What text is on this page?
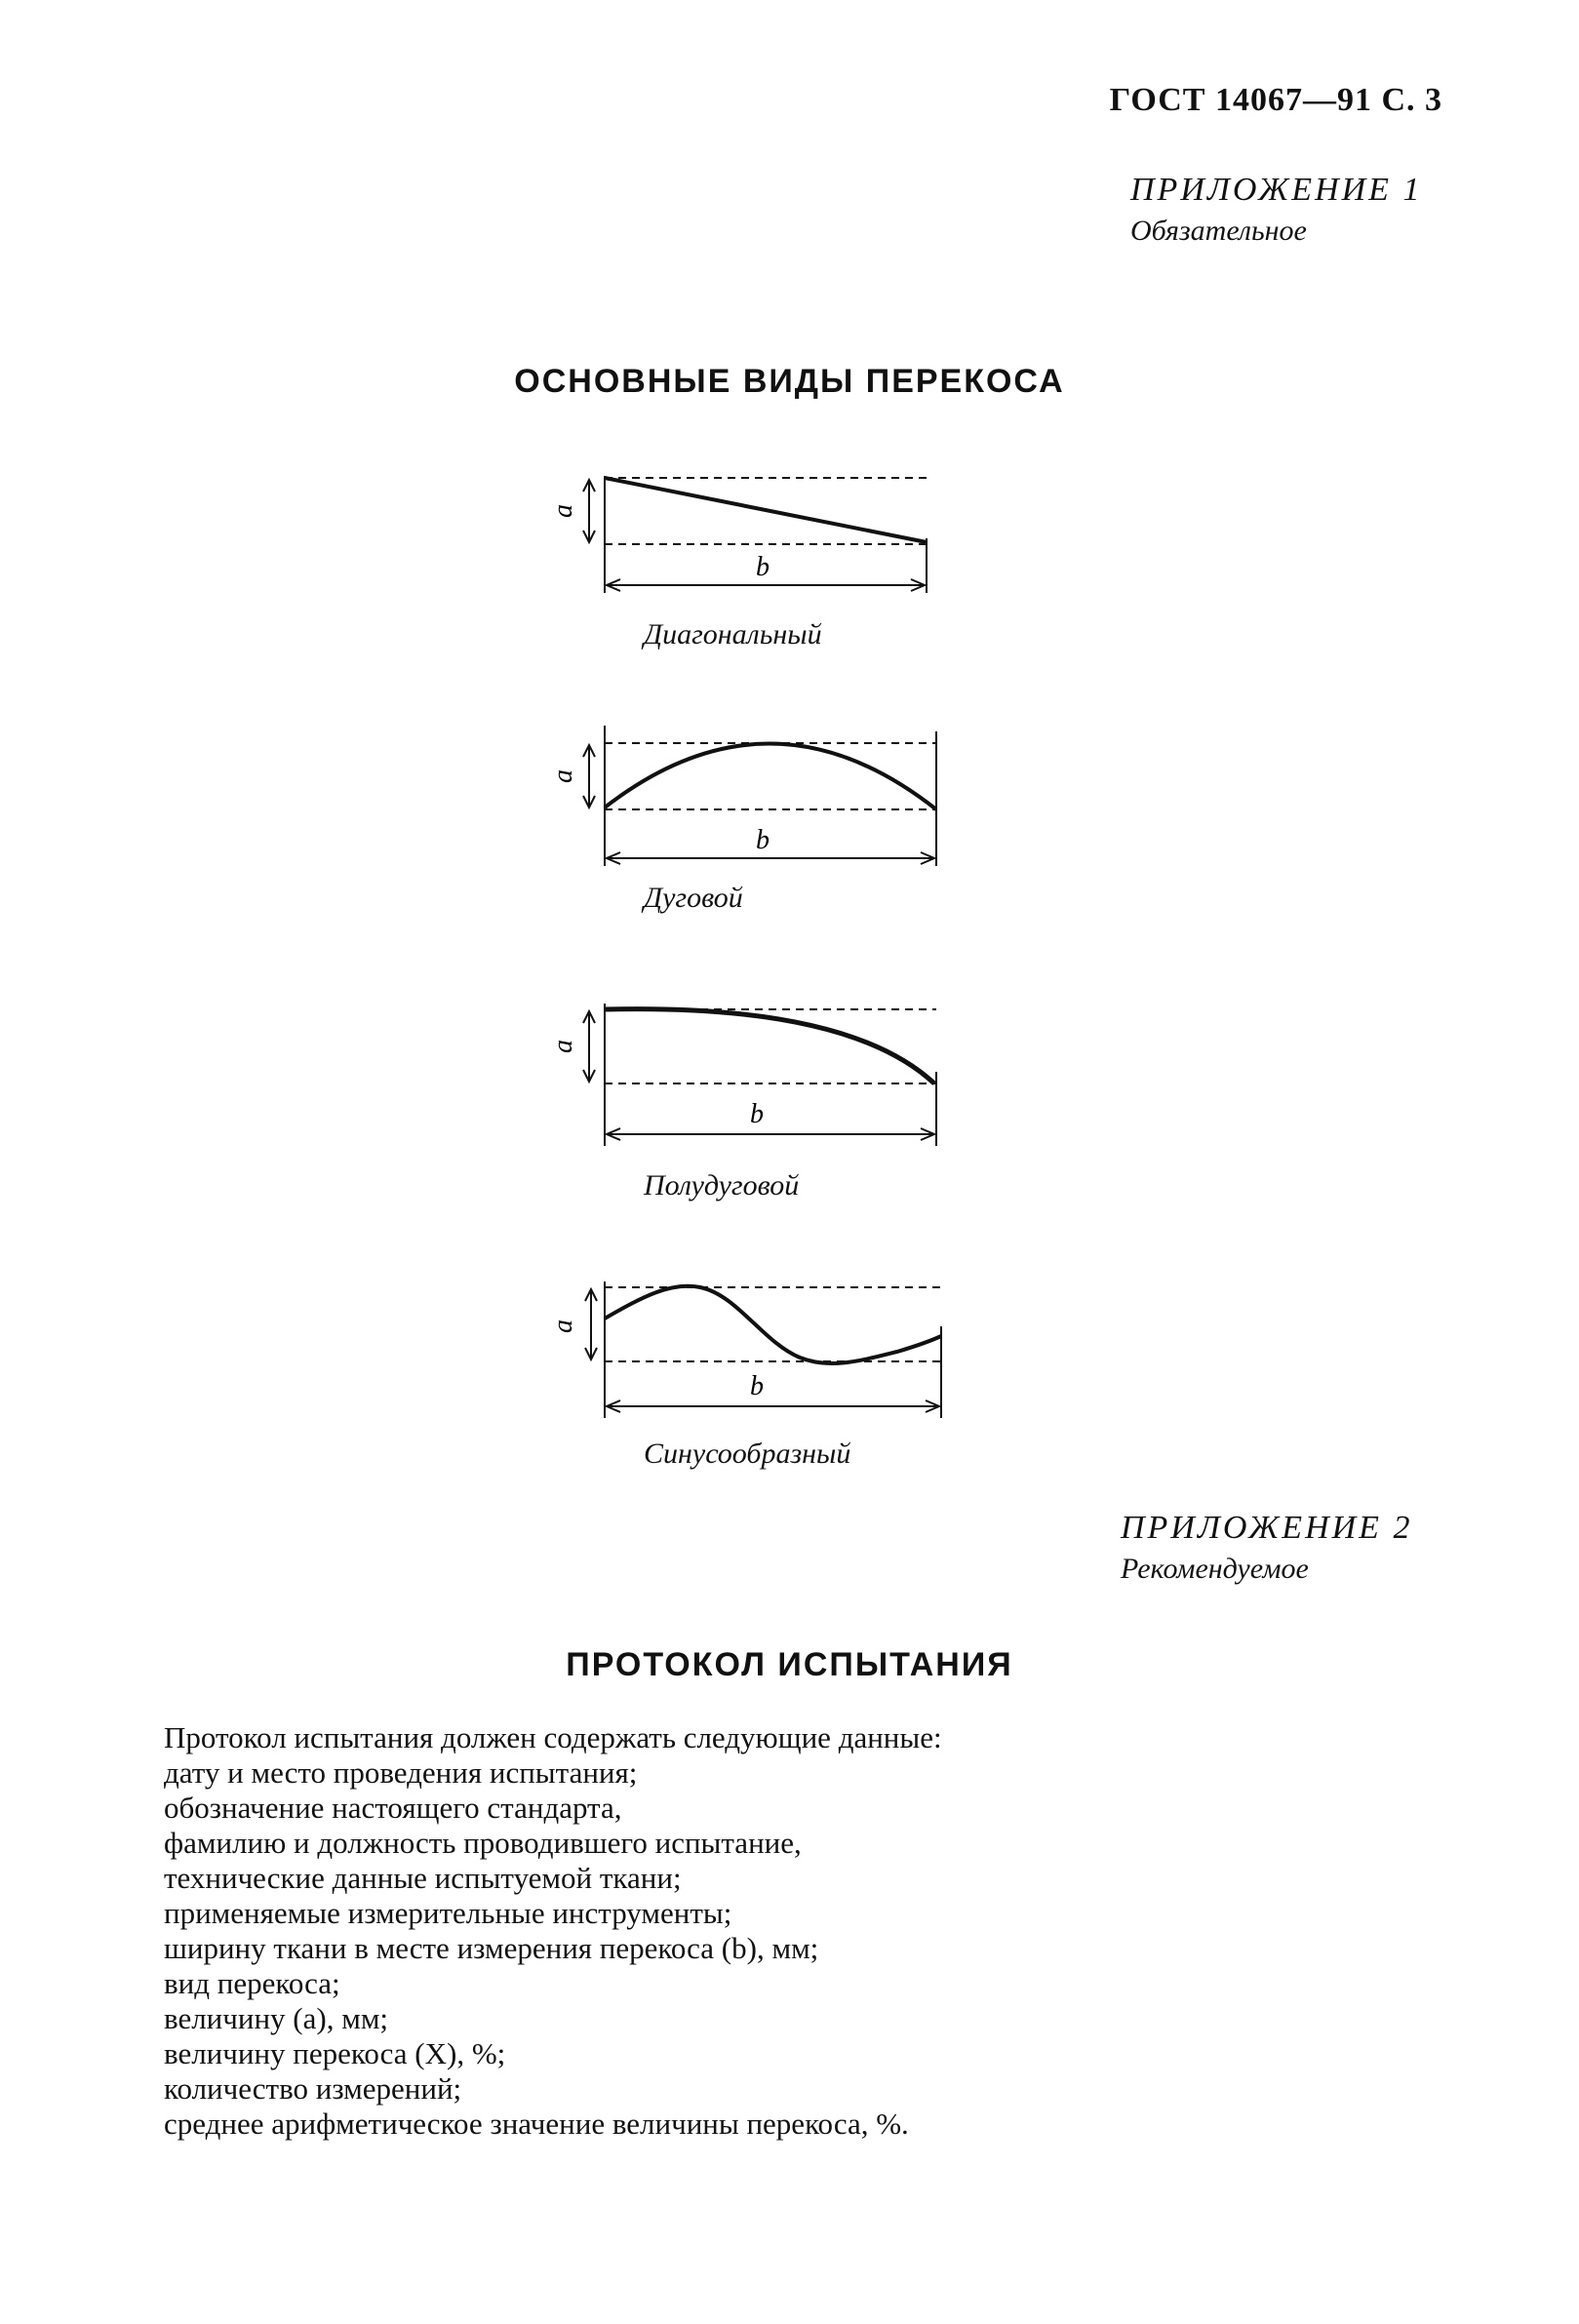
ГОСТ 14067—91 С. 3
ПРИЛОЖЕНИЕ 1
Обязательное
ОСНОВНЫЕ ВИДЫ ПЕРЕКОСА
a
b
Диагональный
a
b
Дуговой
a
b
Полудуговой
a
b
Синусообразный
ПРИЛОЖЕНИЕ 2
Рекомендуемое
ПРОТОКОЛ ИСПЫТАНИЯ
Протокол испытания должен содержать следующие данные:
дату и место проведения испытания;
обозначение настоящего стандарта,
фамилию и должность проводившего испытание,
технические данные испытуемой ткани;
применяемые измерительные инструменты;
ширину ткани в месте измерения перекоса (b), мм;
вид перекоса;
величину (a), мм;
величину перекоса (X), %;
количество измерений;
среднее арифметическое значение величины перекоса, %.
